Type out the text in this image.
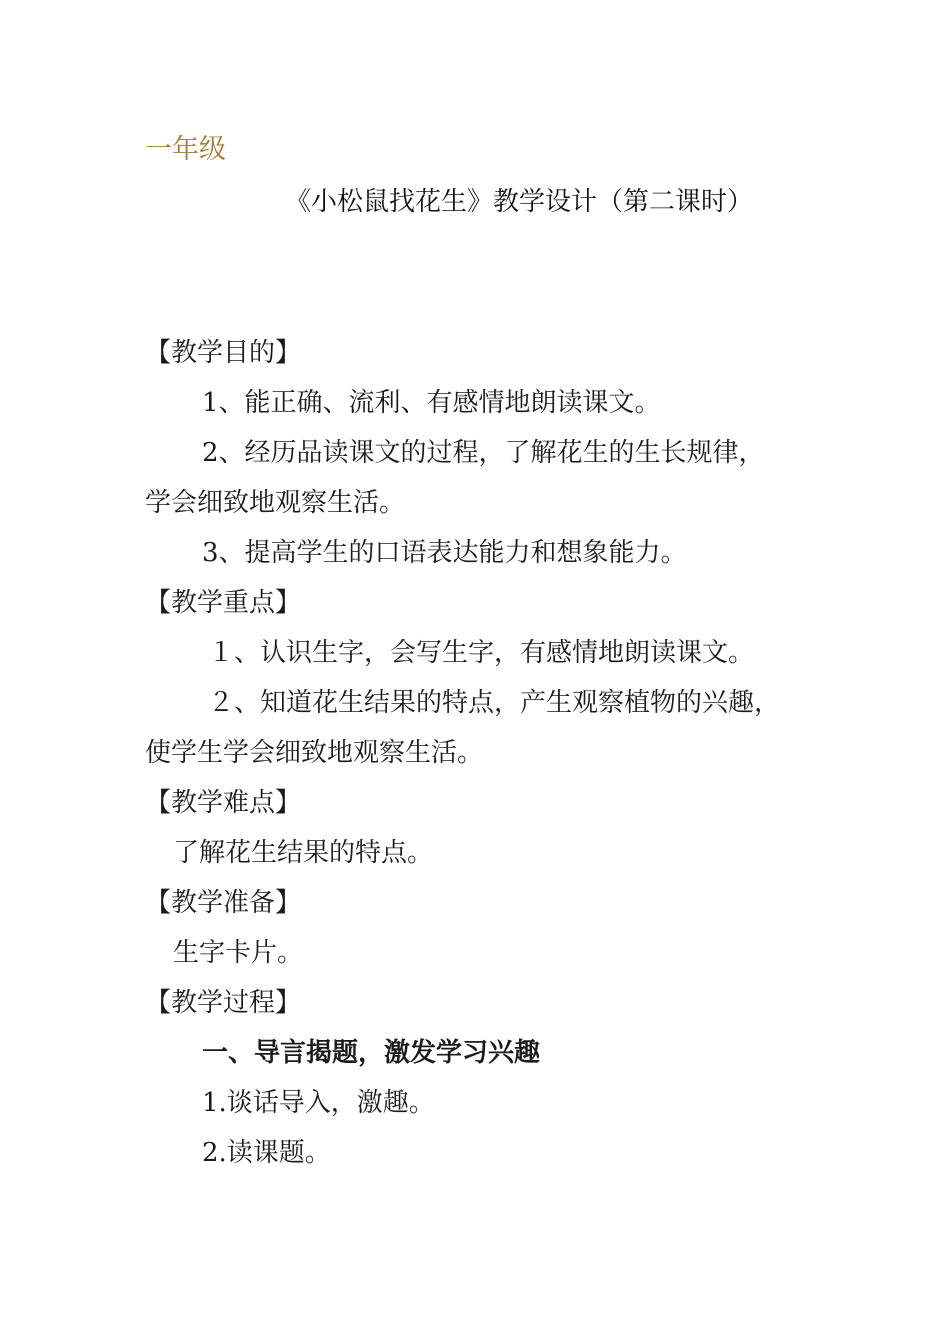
一年级
《小松鼠找花生》教学设计（第二课时）
【教学目的】
1、能正确、流利、有感情地朗读课文。
2、经历品读课文的过程，了解花生的生长规律，
学会细致地观察生活。
3、提高学生的口语表达能力和想象能力。
【教学重点】
１、认识生字，会写生字，有感情地朗读课文。
２、知道花生结果的特点，产生观察植物的兴趣，
使学生学会细致地观察生活。
【教学难点】
了解花生结果的特点。
【教学准备】
生字卡片。
【教学过程】
一、导言揭题，激发学习兴趣
1.谈话导入，激趣。
2.读课题。
